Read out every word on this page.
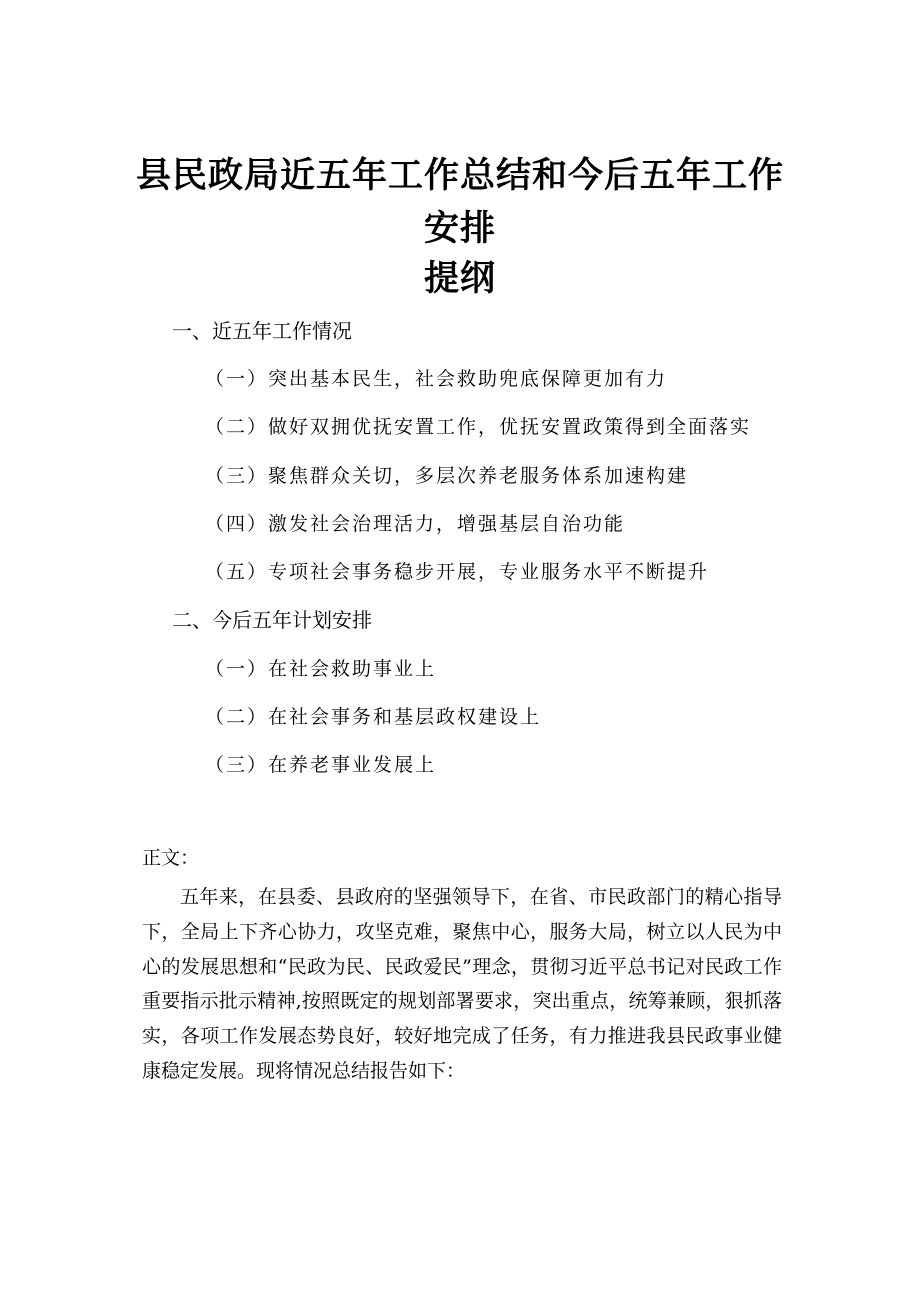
县民政局近五年工作总结和今后五年工作
安排
提纲
一、近五年工作情况
（一）突出基本民生，社会救助兜底保障更加有力
（二）做好双拥优抚安置工作，优抚安置政策得到全面落实
（三）聚焦群众关切，多层次养老服务体系加速构建
（四）激发社会治理活力，增强基层自治功能
（五）专项社会事务稳步开展，专业服务水平不断提升
二、今后五年计划安排
（一）在社会救助事业上
（二）在社会事务和基层政权建设上
（三）在养老事业发展上
正文：

五年来，在县委、县政府的坚强领导下，在省、市民政部门的精心指导下，全局上下齐心协力，攻坚克难，聚焦中心，服务大局，树立以人民为中心的发展思想和“民政为民、民政爱民”理念，贯彻习近平总书记对民政工作重要指示批示精神,按照既定的规划部署要求，突出重点，统筹兼顾，狠抓落实，各项工作发展态势良好，较好地完成了任务，有力推进我县民政事业健康稳定发展。现将情况总结报告如下：
